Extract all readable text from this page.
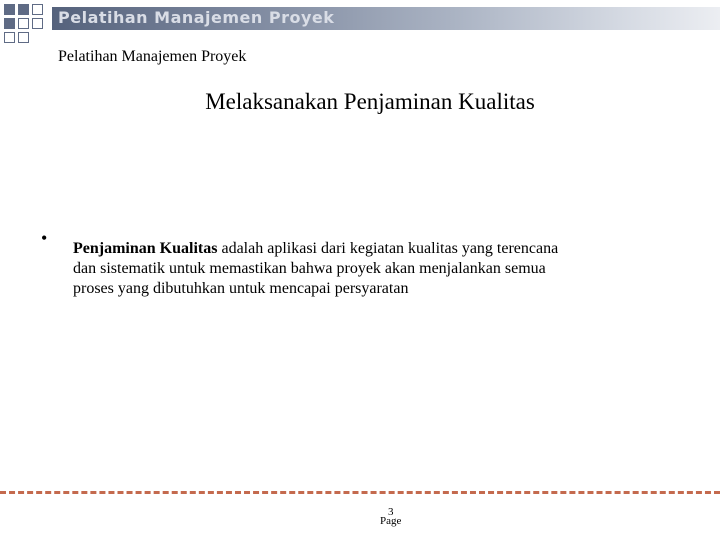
Pelatihan Manajemen Proyek
Pelatihan Manajemen Proyek
Melaksanakan Penjaminan Kualitas
•
Penjaminan Kualitas adalah aplikasi dari kegiatan kualitas yang terencana
dan sistematik untuk memastikan bahwa proyek akan menjalankan semua
proses yang dibutuhkan untuk mencapai persyaratan
3
Page
